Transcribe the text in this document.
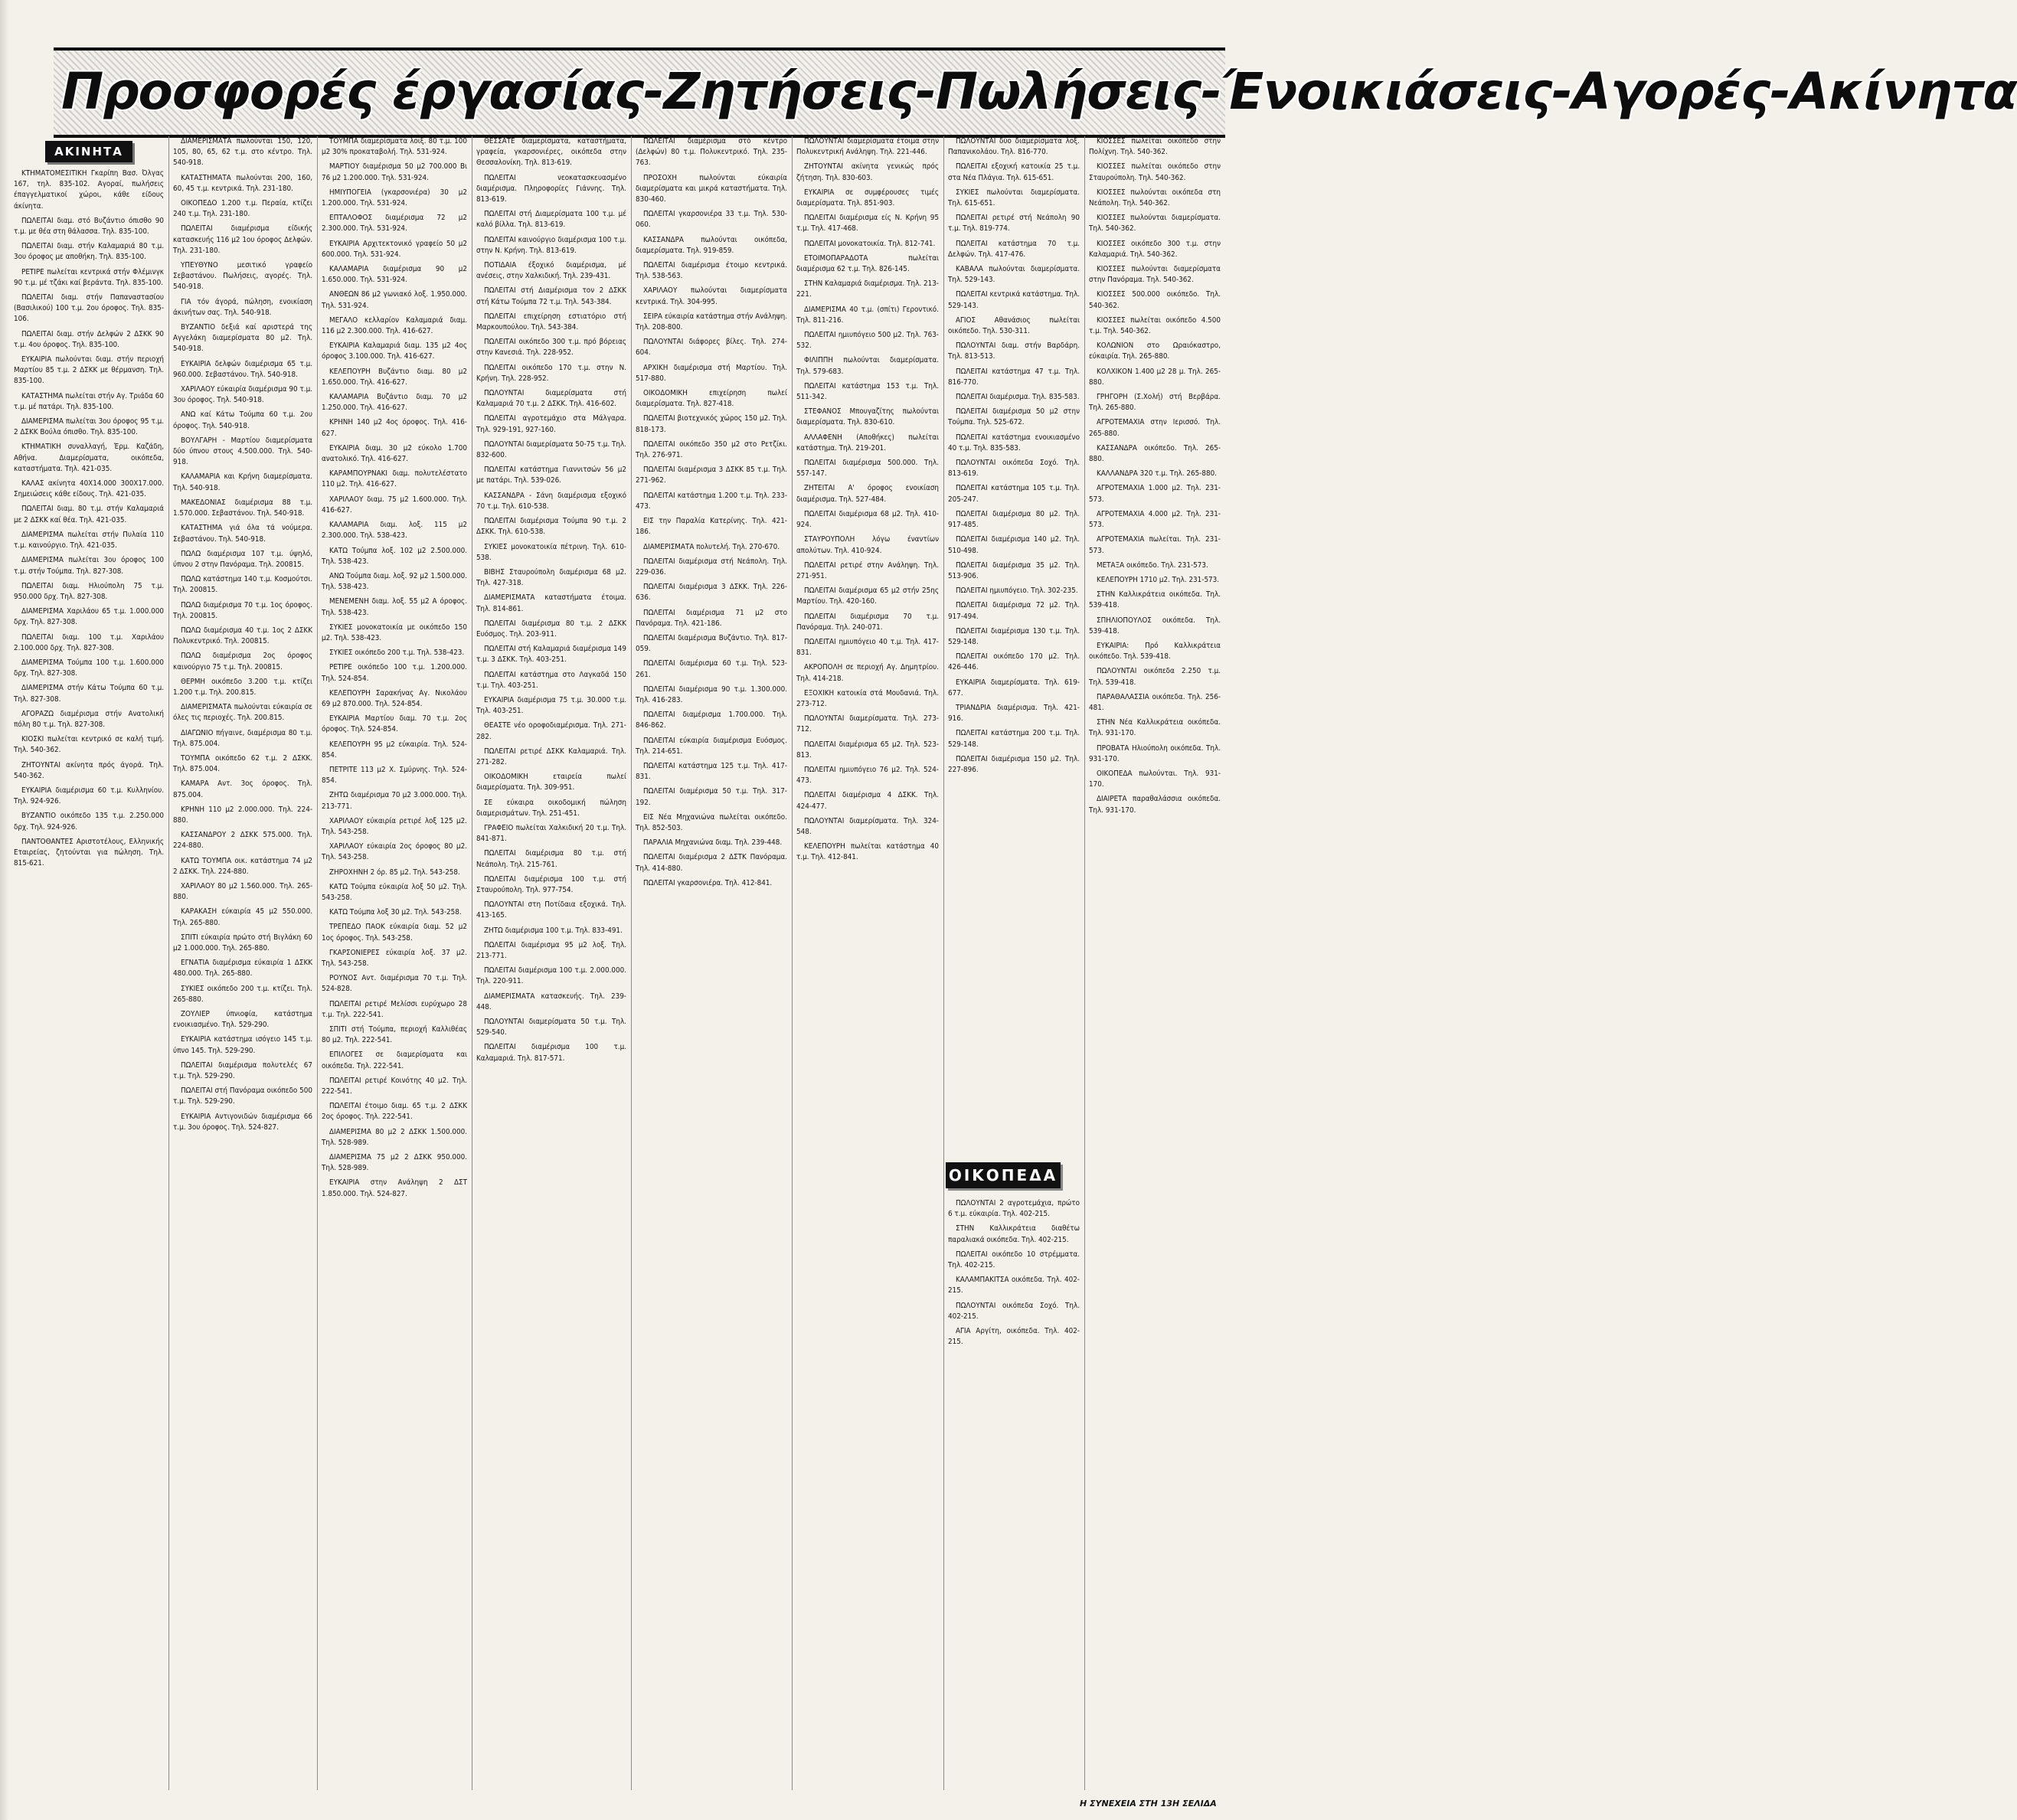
Προσφορές έργασίας-Ζητήσεις-Πωλήσεις-Ένοικιάσεις-Αγορές-Ακίνητα
ΑΚΙΝΗΤΑ

ΚΤΗΜΑΤΟΜΕΣΙΤΙΚΗ Γκαρίπη Βασ. Όλγας 167, τηλ. 835-102. Αγοραί, πωλήσεις έπαγγελματικοί χώροι, κάθε είδους άκίνητα.

ΠΩΛΕΙΤΑΙ διαμ. στό Βυζάντιο όπισθο 90 τ.μ. με θέα στη θάλασσα. Τηλ. 835-100.

ΠΩΛΕΙΤΑΙ διαμ. στήν Καλαμαριά 80 τ.μ. 3ου όροφος με αποθήκη. Τηλ. 835-100.

ΡΕΤΙΡΕ πωλείται κεντρικά στήν Φλέμινγκ 90 τ.μ. μέ τζάκι καί βεράντα. Τηλ. 835-100.

ΠΩΛΕΙΤΑΙ διαμ. στήν Παπαναστασίου (Βασιλικού) 100 τ.μ. 2ου όροφος. Τηλ. 835-106.

ΠΩΛΕΙΤΑΙ διαμ. στήν Δελφών 2 ΔΣΚΚ 90 τ.μ. 4ου όροφος. Τηλ. 835-100.

ΕΥΚΑΙΡΙΑ πωλούνται διαμ. στήν περιοχή Μαρτίου 85 τ.μ. 2 ΔΣΚΚ με θέρμανση. Τηλ. 835-100.

ΚΑΤΑΣΤΗΜΑ πωλείται στήν Αγ. Τριάδα 60 τ.μ. μέ πατάρι. Τηλ. 835-100.

ΔΙΑΜΕΡΙΣΜΑ πωλείται 3ου όροφος 95 τ.μ. 2 ΔΣΚΚ Βούλα όπισθο. Τηλ. 835-100.

ΚΤΗΜΑΤΙΚΗ συναλλαγή, Έρμ. Καζάδη, Αθήνα. Διαμερίσματα, οικόπεδα, καταστήματα. Τηλ. 421-035.

ΚΑΛΑΣ ακίνητα 40Χ14.000 300Χ17.000. Σημειώσεις κάθε είδους. Τηλ. 421-035.

ΠΩΛΕΙΤΑΙ διαμ. 80 τ.μ. στήν Καλαμαριά με 2 ΔΣΚΚ καί θέα. Τηλ. 421-035.

ΔΙΑΜΕΡΙΣΜΑ πωλείται στήν Πυλαία 110 τ.μ. καινούργιο. Τηλ. 421-035.

ΔΙΑΜΕΡΙΣΜΑ πωλείται 3ου όροφος 100 τ.μ. στήν Τούμπα. Τηλ. 827-308.

ΠΩΛΕΙΤΑΙ διαμ. Ηλιούπολη 75 τ.μ. 950.000 δρχ. Τηλ. 827-308.

ΔΙΑΜΕΡΙΣΜΑ Χαριλάου 65 τ.μ. 1.000.000 δρχ. Τηλ. 827-308.

ΠΩΛΕΙΤΑΙ διαμ. 100 τ.μ. Χαριλάου 2.100.000 δρχ. Τηλ. 827-308.

ΔΙΑΜΕΡΙΣΜΑ Τούμπα 100 τ.μ. 1.600.000 δρχ. Τηλ. 827-308.

ΔΙΑΜΕΡΙΣΜΑ στήν Κάτω Τούμπα 60 τ.μ. Τηλ. 827-308.

ΑΓΟΡΑΖΩ διαμέρισμα στήν Ανατολική πόλη 80 τ.μ. Τηλ. 827-308.

ΚΙΟΣΚΙ πωλείται κεντρικό σε καλή τιμή. Τηλ. 540-362.

ΖΗΤΟΥΝΤΑΙ ακίνητα πρός άγορά. Τηλ. 540-362.

ΕΥΚΑΙΡΙΑ διαμέρισμα 60 τ.μ. Κυλληνίου. Τηλ. 924-926.

ΒΥΖΑΝΤΙΟ οικόπεδο 135 τ.μ. 2.250.000 δρχ. Τηλ. 924-926.

ΠΑΝΤΟΘΑΝΤΕΣ Αριστοτέλους, Ελληνικής Εταιρείας, ζητούνται για πώληση. Τηλ. 815-621.

ΔΙΑΜΕΡΙΣΜΑΤΑ πωλούνται 150, 120, 105, 80, 65, 62 τ.μ. στο κέντρο. Τηλ. 540-918.

ΚΑΤΑΣΤΗΜΑΤΑ πωλούνται 200, 160, 60, 45 τ.μ. κεντρικά. Τηλ. 231-180.

ΟΙΚΟΠΕΔΟ 1.200 τ.μ. Περαία, κτίζει 240 τ.μ. Τηλ. 231-180.

ΠΩΛΕΙΤΑΙ διαμέρισμα είδικής κατασκευής 116 μ2 1ου όροφος Δελφών. Τηλ. 231-180.

ΥΠΕΥΘΥΝΟ μεσιτικό γραφείο Σεβαστάνου. Πωλήσεις, αγορές. Τηλ. 540-918.

ΓΙΑ τόν άγορά, πώληση, ενοικίαση άκινήτων σας. Τηλ. 540-918.

ΒΥΖΑΝΤΙΟ δεξιά καί αριστερά της Αγγελάκη διαμερίσματα 80 μ2. Τηλ. 540-918.

ΕΥΚΑΙΡΙΑ δελφών διαμέρισμα 65 τ.μ. 960.000. Σεβαστάνου. Τηλ. 540-918.

ΧΑΡΙΛΑΟΥ εύκαιρία διαμέρισμα 90 τ.μ. 3ου όροφος. Τηλ. 540-918.

ΑΝΩ καί Κάτω Τούμπα 60 τ.μ. 2ου όροφος. Τηλ. 540-918.

ΒΟΥΛΓΑΡΗ - Μαρτίου διαμερίσματα δύο ύπνου στους 4.500.000. Τηλ. 540-918.

ΚΑΛΑΜΑΡΙΑ και Κρήνη διαμερίσματα. Τηλ. 540-918.

ΜΑΚΕΔΟΝΙΑΣ διαμέρισμα 88 τ.μ. 1.570.000. Σεβαστάνου. Τηλ. 540-918.

ΚΑΤΑΣΤΗΜΑ γιά όλα τά νούμερα. Σεβαστάνου. Τηλ. 540-918.

ΠΩΛΩ διαμέρισμα 107 τ.μ. ύψηλό, ύπνου 2 στην Πανόραμα. Τηλ. 200815.

ΠΩΛΩ κατάστημα 140 τ.μ. Κοσμούτσι. Τηλ. 200815.

ΠΩΛΩ διαμέρισμα 70 τ.μ. 1ος όροφος. Τηλ. 200815.

ΠΩΛΩ διαμέρισμα 40 τ.μ. 1ος 2 ΔΣΚΚ Πολυκεντρικό. Τηλ. 200815.

ΠΩΛΩ διαμέρισμα 2ος όροφος καινούργιο 75 τ.μ. Τηλ. 200815.

ΘΕΡΜΗ οικόπεδο 3.200 τ.μ. κτίζει 1.200 τ.μ. Τηλ. 200.815.

ΔΙΑΜΕΡΙΣΜΑΤΑ πωλούνται εύκαιρία σε όλες τις περιοχές. Τηλ. 200.815.

ΔΙΑΓΩΝΙΟ πήγαινε, διαμέρισμα 80 τ.μ. Τηλ. 875.004.

ΤΟΥΜΠΑ οικόπεδο 62 τ.μ. 2 ΔΣΚΚ. Τηλ. 875.004.

ΚΑΜΑΡΑ Αντ. 3ος όροφος. Τηλ. 875.004.

ΚΡΗΝΗ 110 μ2 2.000.000. Τηλ. 224-880.

ΚΑΣΣΑΝΔΡΟΥ 2 ΔΣΚΚ 575.000. Τηλ. 224-880.

ΚΑΤΩ ΤΟΥΜΠΑ οικ. κατάστημα 74 μ2 2 ΔΣΚΚ. Τηλ. 224-880.

ΧΑΡΙΛΑΟΥ 80 μ2 1.560.000. Τηλ. 265-880.

ΚΑΡΑΚΑΣΗ εύκαιρία 45 μ2 550.000. Τηλ. 265-880.

ΣΠΙΤΙ εύκαιρία πρώτο στή Βιγλάκη 60 μ2 1.000.000. Τηλ. 265-880.

ΕΓΝΑΤΙΑ διαμέρισμα εύκαιρία 1 ΔΣΚΚ 480.000. Τηλ. 265-880.

ΣΥΚΙΕΣ οικόπεδο 200 τ.μ. κτίζει. Τηλ. 265-880.

ΖΟΥΛΙΕΡ ύπνιοφία, κατάστημα ενοικιασμένο. Τηλ. 529-290.

ΕΥΚΑΙΡΙΑ κατάστημα ισόγειο 145 τ.μ. ύπνο 145. Τηλ. 529-290.

ΠΩΛΕΙΤΑΙ διαμέρισμα πολυτελές 67 τ.μ. Τηλ. 529-290.

ΠΩΛΕΙΤΑΙ στή Πανόραμα οικόπεδο 500 τ.μ. Τηλ. 529-290.

ΕΥΚΑΙΡΙΑ Αντιγονιδών διαμέρισμα 66 τ.μ. 3ου όροφος. Τηλ. 524-827.

ΤΟΥΜΠΑ διαμερίσματα λοιξ. 80 τ.μ. 100 μ2 30% προκαταβολή. Τηλ. 531-924.

ΜΑΡΤΙΟΥ διαμέρισμα 50 μ2 700.000 Βι 76 μ2 1.200.000. Τηλ. 531-924.

ΗΜΙΥΠΟΓΕΙΑ (γκαρσονιέρα) 30 μ2 1.200.000. Τηλ. 531-924.

ΕΠΤΑΛΟΦΟΣ διαμέρισμα 72 μ2 2.300.000. Τηλ. 531-924.

ΕΥΚΑΙΡΙΑ Αρχιτεκτονικό γραφείο 50 μ2 600.000. Τηλ. 531-924.

ΚΑΛΑΜΑΡΙΑ διαμέρισμα 90 μ2 1.650.000. Τηλ. 531-924.

ΑΝΘΕΩΝ 86 μ2 γωνιακό λοξ. 1.950.000. Τηλ. 531-924.

ΜΕΓΑΛΟ κελλαρίον Καλαμαριά διαμ. 116 μ2 2.300.000. Τηλ. 416-627.

ΕΥΚΑΙΡΙΑ Καλαμαριά διαμ. 135 μ2 4ος όροφος 3.100.000. Τηλ. 416-627.

ΚΕΛΕΠΟΥΡΗ Βυζάντιο διαμ. 80 μ2 1.650.000. Τηλ. 416-627.

ΚΑΛΑΜΑΡΙΑ Βυζάντιο διαμ. 70 μ2 1.250.000. Τηλ. 416-627.

ΚΡΗΝΗ 140 μ2 4ος όροφος. Τηλ. 416-627.

ΕΥΚΑΙΡΙΑ διαμ. 30 μ2 εύκολο 1.700 ανατολικό. Τηλ. 416-627.

ΚΑΡΑΜΠΟΥΡΝΑΚΙ διαμ. πολυτελέστατο 110 μ2. Τηλ. 416-627.

ΧΑΡΙΛΑΟΥ διαμ. 75 μ2 1.600.000. Τηλ. 416-627.

ΚΑΛΑΜΑΡΙΑ διαμ. λοξ. 115 μ2 2.300.000. Τηλ. 538-423.

ΚΑΤΩ Τούμπα λοξ. 102 μ2 2.500.000. Τηλ. 538-423.

ΑΝΩ Τούμπα διαμ. λοξ. 92 μ2 1.500.000. Τηλ. 538-423.

ΜΕΝΕΜΕΝΗ διαμ. λοξ. 55 μ2 Α όροφος. Τηλ. 538-423.

ΣΥΚΙΕΣ μονοκατοικία με οικόπεδο 150 μ2. Τηλ. 538-423.

ΣΥΚΙΕΣ οικόπεδο 200 τ.μ. Τηλ. 538-423.

ΡΕΤΙΡΕ οικόπεδο 100 τ.μ. 1.200.000. Τηλ. 524-854.

ΚΕΛΕΠΟΥΡΗ Σαρακήνας Αγ. Νικολάου 69 μ2 870.000. Τηλ. 524-854.

ΕΥΚΑΙΡΙΑ Μαρτίου διαμ. 70 τ.μ. 2ος όροφος. Τηλ. 524-854.

ΚΕΛΕΠΟΥΡΗ 95 μ2 εύκαιρία. Τηλ. 524-854.

ΠΕΤΡΙΤΕ 113 μ2 Χ. Σμύρνης. Τηλ. 524-854.

ΖΗΤΩ διαμέρισμα 70 μ2 3.000.000. Τηλ. 213-771.

ΧΑΡΙΛΑΟΥ εύκαιρία ρετιρέ λοξ 125 μ2. Τηλ. 543-258.

ΧΑΡΙΛΑΟΥ εύκαιρία 2ος όροφος 80 μ2. Τηλ. 543-258.

ΖΗΡΟΧΗΝΗ 2 όρ. 85 μ2. Τηλ. 543-258.

ΚΑΤΩ Τούμπα εύκαιρία λοξ 50 μ2. Τηλ. 543-258.

ΚΑΤΩ Τούμπα λοξ 30 μ2. Τηλ. 543-258.

ΤΡΕΠΕΔΟ ΠΑΟΚ εύκαιρία διαμ. 52 μ2 1ος όροφος. Τηλ. 543-258.

ΓΚΑΡΣΟΝΙΕΡΕΣ εύκαιρία λοξ. 37 μ2. Τηλ. 543-258.

ΡΟΥΝΟΣ Αντ. διαμέρισμα 70 τ.μ. Τηλ. 524-828.

ΠΩΛΕΙΤΑΙ ρετιρέ Μελίσσι ευρύχωρο 28 τ.μ. Τηλ. 222-541.

ΣΠΙΤΙ στή Τούμπα, περιοχή Καλλιθέας 80 μ2. Τηλ. 222-541.

ΕΠΙΛΟΓΕΣ σε διαμερίσματα και οικόπεδα. Τηλ. 222-541.

ΠΩΛΕΙΤΑΙ ρετιρέ Κοινότης 40 μ2. Τηλ. 222-541.

ΠΩΛΕΙΤΑΙ έτοιμο διαμ. 65 τ.μ. 2 ΔΣΚΚ 2ος όροφος. Τηλ. 222-541.

ΔΙΑΜΕΡΙΣΜΑ 80 μ2 2 ΔΣΚΚ 1.500.000. Τηλ. 528-989.

ΔΙΑΜΕΡΙΣΜΑ 75 μ2 2 ΔΣΚΚ 950.000. Τηλ. 528-989.

ΕΥΚΑΙΡΙΑ στην Ανάληψη 2 ΔΣΤ 1.850.000. Τηλ. 524-827.

ΘΕΣΣΑΤΕ διαμερίσματα, καταστήματα, γραφεία, γκαρσονιέρες, οικόπεδα στην Θεσσαλονίκη. Τηλ. 813-619.

ΠΩΛΕΙΤΑΙ νεοκατασκευασμένο διαμέρισμα. Πληροφορίες Γιάννης. Τηλ. 813-619.

ΠΩΛΕΙΤΑΙ στή Διαμερίσματα 100 τ.μ. μέ καλό βίλλα. Τηλ. 813-619.

ΠΩΛΕΙΤΑΙ καινούργιο διαμέρισμα 100 τ.μ. στην Ν. Κρήνη. Τηλ. 813-619.

ΠΟΤΙΔΑΙΑ έξοχικό διαμέρισμα, μέ ανέσεις, στην Χαλκιδική. Τηλ. 239-431.

ΠΩΛΕΙΤΑΙ στή Διαμέρισμα τον 2 ΔΣΚΚ στή Κάτω Τούμπα 72 τ.μ. Τηλ. 543-384.

ΠΩΛΕΙΤΑΙ επιχείρηση εστιατόριο στή Μαρκουπούλου. Τηλ. 543-384.

ΠΩΛΕΙΤΑΙ οικόπεδο 300 τ.μ. πρό βόρειας στην Κανεσιά. Τηλ. 228-952.

ΠΩΛΕΙΤΑΙ οικόπεδο 170 τ.μ. στην Ν. Κρήνη. Τηλ. 228-952.

ΠΩΛΟΥΝΤΑΙ διαμερίσματα στή Καλαμαριά 70 τ.μ. 2 ΔΣΚΚ. Τηλ. 416-602.

ΠΩΛΕΙΤΑΙ αγροτεμάχιο στα Μάλγαρα. Τηλ. 929-191, 927-160.

ΠΩΛΟΥΝΤΑΙ διαμερίσματα 50-75 τ.μ. Τηλ. 832-600.

ΠΩΛΕΙΤΑΙ κατάστημα Γιαννιτσών 56 μ2 με πατάρι. Τηλ. 539-026.

ΚΑΣΣΑΝΔΡΑ - Σάνη διαμέρισμα εξοχικό 70 τ.μ. Τηλ. 610-538.

ΠΩΛΕΙΤΑΙ διαμέρισμα Τούμπα 90 τ.μ. 2 ΔΣΚΚ. Τηλ. 610-538.

ΣΥΚΙΕΣ μονοκατοικία πέτρινη. Τηλ. 610-538.

ΒΙΒΗΣ Σταυρούπολη διαμέρισμα 68 μ2. Τηλ. 427-318.

ΔΙΑΜΕΡΙΣΜΑΤΑ καταστήματα έτοιμα. Τηλ. 814-861.

ΠΩΛΕΙΤΑΙ διαμέρισμα 80 τ.μ. 2 ΔΣΚΚ Ευόσμος. Τηλ. 203-911.

ΠΩΛΕΙΤΑΙ στή Καλαμαριά διαμέρισμα 149 τ.μ. 3 ΔΣΚΚ. Τηλ. 403-251.

ΠΩΛΕΙΤΑΙ κατάστημα στο Λαγκαδά 150 τ.μ. Τηλ. 403-251.

ΕΥΚΑΙΡΙΑ διαμέρισμα 75 τ.μ. 30.000 τ.μ. Τηλ. 403-251.

ΘΕΑΣΤΕ νέο οροφοδιαμέρισμα. Τηλ. 271-282.

ΠΩΛΕΙΤΑΙ ρετιρέ ΔΣΚΚ Καλαμαριά. Τηλ. 271-282.

ΟΙΚΟΔΟΜΙΚΗ εταιρεία πωλεί διαμερίσματα. Τηλ. 309-951.

ΣΕ εύκαιρα οικοδομική πώληση διαμερισμάτων. Τηλ. 251-451.

ΓΡΑΦΕΙΟ πωλείται Χαλκιδική 20 τ.μ. Τηλ. 841-871.

ΠΩΛΕΙΤΑΙ διαμέρισμα 80 τ.μ. στή Νεάπολη. Τηλ. 215-761.

ΠΩΛΕΙΤΑΙ διαμέρισμα 100 τ.μ. στή Σταυρούπολη. Τηλ. 977-754.

ΠΩΛΟΥΝΤΑΙ στη Ποτίδαια εξοχικά. Τηλ. 413-165.

ΖΗΤΩ διαμέρισμα 100 τ.μ. Τηλ. 833-491.

ΠΩΛΕΙΤΑΙ διαμέρισμα 95 μ2 λοξ. Τηλ. 213-771.

ΠΩΛΕΙΤΑΙ διαμέρισμα 100 τ.μ. 2.000.000. Τηλ. 220-911.

ΔΙΑΜΕΡΙΣΜΑΤΑ κατασκευής. Τηλ. 239-448.

ΠΩΛΟΥΝΤΑΙ διαμερίσματα 50 τ.μ. Τηλ. 529-540.

ΠΩΛΕΙΤΑΙ διαμέρισμα 100 τ.μ. Καλαμαριά. Τηλ. 817-571.

ΠΩΛΕΙΤΑΙ διαμέρισμα στό κέντρο (Δελφών) 80 τ.μ. Πολυκεντρικό. Τηλ. 235-763.

ΠΡΟΣΟΧΗ πωλούνται εύκαιρία διαμερίσματα και μικρά καταστήματα. Τηλ. 830-460.

ΠΩΛΕΙΤΑΙ γκαρσονιέρα 33 τ.μ. Τηλ. 530-060.

ΚΑΣΣΑΝΔΡΑ πωλούνται οικόπεδα, διαμερίσματα. Τηλ. 919-859.

ΠΩΛΕΙΤΑΙ διαμέρισμα έτοιμο κεντρικά. Τηλ. 538-563.

ΧΑΡΙΛΑΟΥ πωλούνται διαμερίσματα κεντρικά. Τηλ. 304-995.

ΣΕΙΡΑ εύκαιρία κατάστημα στήν Ανάληψη. Τηλ. 208-800.

ΠΩΛΟΥΝΤΑΙ διάφορες βίλες. Τηλ. 274-604.

ΑΡΧΙΚΗ διαμέρισμα στή Μαρτίου. Τηλ. 517-880.

ΟΙΚΟΔΟΜΙΚΗ επιχείρηση πωλεί διαμερίσματα. Τηλ. 827-418.

ΠΩΛΕΙΤΑΙ βιοτεχνικός χώρος 150 μ2. Τηλ. 818-173.

ΠΩΛΕΙΤΑΙ οικόπεδο 350 μ2 στο Ρετζίκι. Τηλ. 276-971.

ΠΩΛΕΙΤΑΙ διαμέρισμα 3 ΔΣΚΚ 85 τ.μ. Τηλ. 271-962.

ΠΩΛΕΙΤΑΙ κατάστημα 1.200 τ.μ. Τηλ. 233-473.

ΕΙΣ την Παραλία Κατερίνης. Τηλ. 421-186.

ΔΙΑΜΕΡΙΣΜΑΤΑ πολυτελή. Τηλ. 270-670.

ΠΩΛΕΙΤΑΙ διαμέρισμα στή Νεάπολη. Τηλ. 229-036.

ΠΩΛΕΙΤΑΙ διαμέρισμα 3 ΔΣΚΚ. Τηλ. 226-636.

ΠΩΛΕΙΤΑΙ διαμέρισμα 71 μ2 στο Πανόραμα. Τηλ. 421-186.

ΠΩΛΕΙΤΑΙ διαμέρισμα Βυζάντιο. Τηλ. 817-059.

ΠΩΛΕΙΤΑΙ διαμέρισμα 60 τ.μ. Τηλ. 523-261.

ΠΩΛΕΙΤΑΙ διαμέρισμα 90 τ.μ. 1.300.000. Τηλ. 416-283.

ΠΩΛΕΙΤΑΙ διαμέρισμα 1.700.000. Τηλ. 846-862.

ΠΩΛΕΙΤΑΙ εύκαιρία διαμέρισμα Ευόσμος. Τηλ. 214-651.

ΠΩΛΕΙΤΑΙ κατάστημα 125 τ.μ. Τηλ. 417-831.

ΠΩΛΕΙΤΑΙ διαμέρισμα 50 τ.μ. Τηλ. 317-192.

ΕΙΣ Νέα Μηχανιώνα πωλείται οικόπεδο. Τηλ. 852-503.

ΠΑΡΑΛΙΑ Μηχανιώνα διαμ. Τηλ. 239-448.

ΠΩΛΕΙΤΑΙ διαμέρισμα 2 ΔΣΤΚ Πανόραμα. Τηλ. 414-880.

ΠΩΛΕΙΤΑΙ γκαρσονιέρα. Τηλ. 412-841.

ΠΩΛΟΥΝΤΑΙ διαμερίσματα έτοιμα στην Πολυκεντρική Ανάληψη. Τηλ. 221-446.

ΖΗΤΟΥΝΤΑΙ ακίνητα γενικώς πρός ζήτηση. Τηλ. 830-603.

ΕΥΚΑΙΡΙΑ σε συμφέρουσες τιμές διαμερίσματα. Τηλ. 851-903.

ΠΩΛΕΙΤΑΙ διαμέρισμα είς Ν. Κρήνη 95 τ.μ. Τηλ. 417-468.

ΠΩΛΕΙΤΑΙ μονοκατοικία. Τηλ. 812-741.

ΕΤΟΙΜΟΠΑΡΑΔΟΤΑ πωλείται διαμέρισμα 62 τ.μ. Τηλ. 826-145.

ΣΤΗΝ Καλαμαριά διαμέρισμα. Τηλ. 213-221.

ΔΙΑΜΕΡΙΣΜΑ 40 τ.μ. (σπίτι) Γεροντικό. Τηλ. 811-216.

ΠΩΛΕΙΤΑΙ ημιυπόγειο 500 μ2. Τηλ. 763-532.

ΦΙΛΙΠΠΗ πωλούνται διαμερίσματα. Τηλ. 579-683.

ΠΩΛΕΙΤΑΙ κατάστημα 153 τ.μ. Τηλ. 511-342.

ΣΤΕΦΑΝΟΣ Μπουγαζίτης πωλούνται διαμερίσματα. Τηλ. 830-610.

ΑΛΛΑΦΕΝΗ (Αποθήκες) πωλείται κατάστημα. Τηλ. 219-201.

ΠΩΛΕΙΤΑΙ διαμέρισμα 500.000. Τηλ. 557-147.

ΖΗΤΕΙΤΑΙ Α' όροφος ενοικίαση διαμέρισμα. Τηλ. 527-484.

ΠΩΛΕΙΤΑΙ διαμέρισμα 68 μ2. Τηλ. 410-924.

ΣΤΑΥΡΟΥΠΟΛΗ λόγω έναντίων απολύτων. Τηλ. 410-924.

ΠΩΛΕΙΤΑΙ ρετιρέ στην Ανάληψη. Τηλ. 271-951.

ΠΩΛΕΙΤΑΙ διαμέρισμα 65 μ2 στήν 25ης Μαρτίου. Τηλ. 420-160.

ΠΩΛΕΙΤΑΙ διαμέρισμα 70 τ.μ. Πανόραμα. Τηλ. 240-071.

ΠΩΛΕΙΤΑΙ ημιυπόγειο 40 τ.μ. Τηλ. 417-831.

ΑΚΡΟΠΟΛΗ σε περιοχή Αγ. Δημητρίου. Τηλ. 414-218.

ΕΞΟΧΙΚΗ κατοικία στά Μουδανιά. Τηλ. 273-712.

ΠΩΛΟΥΝΤΑΙ διαμερίσματα. Τηλ. 273-712.

ΠΩΛΕΙΤΑΙ διαμέρισμα 65 μ2. Τηλ. 523-813.

ΠΩΛΕΙΤΑΙ ημιυπόγειο 76 μ2. Τηλ. 524-473.

ΠΩΛΕΙΤΑΙ διαμέρισμα 4 ΔΣΚΚ. Τηλ. 424-477.

ΠΩΛΟΥΝΤΑΙ διαμερίσματα. Τηλ. 324-548.

ΚΕΛΕΠΟΥΡΗ πωλείται κατάστημα 40 τ.μ. Τηλ. 412-841.

ΠΩΛΟΥΝΤΑΙ δύο διαμερίσματα λοξ. Παπανικολάου. Τηλ. 816-770.

ΠΩΛΕΙΤΑΙ εξοχική κατοικία 25 τ.μ. στα Νέα Πλάγια. Τηλ. 615-651.

ΣΥΚΙΕΣ πωλούνται διαμερίσματα. Τηλ. 615-651.

ΠΩΛΕΙΤΑΙ ρετιρέ στή Νεάπολη 90 τ.μ. Τηλ. 819-774.

ΠΩΛΕΙΤΑΙ κατάστημα 70 τ.μ. Δελφών. Τηλ. 417-476.

ΚΑΒΑΛΑ πωλούνται διαμερίσματα. Τηλ. 529-143.

ΠΩΛΕΙΤΑΙ κεντρικά κατάστημα. Τηλ. 529-143.

ΑΓΙΟΣ Αθανάσιος πωλείται οικόπεδο. Τηλ. 530-311.

ΠΩΛΟΥΝΤΑΙ διαμ. στήν Βαρδάρη. Τηλ. 813-513.

ΠΩΛΕΙΤΑΙ κατάστημα 47 τ.μ. Τηλ. 816-770.

ΠΩΛΕΙΤΑΙ διαμέρισμα. Τηλ. 835-583.

ΠΩΛΕΙΤΑΙ διαμέρισμα 50 μ2 στην Τούμπα. Τηλ. 525-672.

ΠΩΛΕΙΤΑΙ κατάστημα ενοικιασμένο 40 τ.μ. Τηλ. 835-583.

ΠΩΛΟΥΝΤΑΙ οικόπεδα Σοχό. Τηλ. 813-619.

ΠΩΛΕΙΤΑΙ κατάστημα 105 τ.μ. Τηλ. 205-247.

ΠΩΛΕΙΤΑΙ διαμέρισμα 80 μ2. Τηλ. 917-485.

ΠΩΛΕΙΤΑΙ διαμέρισμα 140 μ2. Τηλ. 510-498.

ΠΩΛΕΙΤΑΙ διαμέρισμα 35 μ2. Τηλ. 513-906.

ΠΩΛΕΙΤΑΙ ημιυπόγειο. Τηλ. 302-235.

ΠΩΛΕΙΤΑΙ διαμέρισμα 72 μ2. Τηλ. 917-494.

ΠΩΛΕΙΤΑΙ διαμέρισμα 130 τ.μ. Τηλ. 529-148.

ΠΩΛΕΙΤΑΙ οικόπεδο 170 μ2. Τηλ. 426-446.

ΕΥΚΑΙΡΙΑ διαμερίσματα. Τηλ. 619-677.

ΤΡΙΑΝΔΡΙΑ διαμέρισμα. Τηλ. 421-916.

ΠΩΛΕΙΤΑΙ κατάστημα 200 τ.μ. Τηλ. 529-148.

ΠΩΛΕΙΤΑΙ διαμέρισμα 150 μ2. Τηλ. 227-896.

ΟΙΚΟΠΕΔΑ

ΠΩΛΟΥΝΤΑΙ 2 αγροτεμάχια, πρώτο 6 τ.μ. εύκαιρία. Τηλ. 402-215.

ΣΤΗΝ Καλλικράτεια διαθέτω παραλιακά οικόπεδα. Τηλ. 402-215.

ΠΩΛΕΙΤΑΙ οικόπεδο 10 στρέμματα. Τηλ. 402-215.

ΚΑΛΑΜΠΑΚΙΤΣΑ οικόπεδα. Τηλ. 402-215.

ΠΩΛΟΥΝΤΑΙ οικόπεδα Σοχό. Τηλ. 402-215.

ΑΓΙΑ Αργίτη, οικόπεδα. Τηλ. 402-215.

ΚΙΟΣΣΕΣ πωλείται οικόπεδο στην Πολίχνη. Τηλ. 540-362.

ΚΙΟΣΣΕΣ πωλείται οικόπεδο στην Σταυρούπολη. Τηλ. 540-362.

ΚΙΟΣΣΕΣ πωλούνται οικόπεδα στη Νεάπολη. Τηλ. 540-362.

ΚΙΟΣΣΕΣ πωλούνται διαμερίσματα. Τηλ. 540-362.

ΚΙΟΣΣΕΣ οικόπεδο 300 τ.μ. στην Καλαμαριά. Τηλ. 540-362.

ΚΙΟΣΣΕΣ πωλούνται διαμερίσματα στην Πανόραμα. Τηλ. 540-362.

ΚΙΟΣΣΕΣ 500.000 οικόπεδο. Τηλ. 540-362.

ΚΙΟΣΣΕΣ πωλείται οικόπεδο 4.500 τ.μ. Τηλ. 540-362.

ΚΟΛΩΝΙΟΝ στο Ωραιόκαστρο, εύκαιρία. Τηλ. 265-880.

ΚΟΛΧΙΚΟΝ 1.400 μ2 28 μ. Τηλ. 265-880.

ΓΡΗΓΟΡΗ (Σ.Χολή) στή Βερβάρα. Τηλ. 265-880.

ΑΓΡΟΤΕΜΑΧΙΑ στην Ιερισσό. Τηλ. 265-880.

ΚΑΣΣΑΝΔΡΑ οικόπεδο. Τηλ. 265-880.

ΚΑΛΛΑΝΔΡΑ 320 τ.μ. Τηλ. 265-880.

ΑΓΡΟΤΕΜΑΧΙΑ 1.000 μ2. Τηλ. 231-573.

ΑΓΡΟΤΕΜΑΧΙΑ 4.000 μ2. Τηλ. 231-573.

ΑΓΡΟΤΕΜΑΧΙΑ πωλείται. Τηλ. 231-573.

ΜΕΤΑΞΑ οικόπεδο. Τηλ. 231-573.

ΚΕΛΕΠΟΥΡΗ 1710 μ2. Τηλ. 231-573.

ΣΤΗΝ Καλλικράτεια οικόπεδα. Τηλ. 539-418.

ΣΠΗΛΙΟΠΟΥΛΟΣ οικόπεδα. Τηλ. 539-418.

ΕΥΚΑΙΡΙΑ: Πρό Καλλικράτεια οικόπεδο. Τηλ. 539-418.

ΠΩΛΟΥΝΤΑΙ οικόπεδα 2.250 τ.μ. Τηλ. 539-418.

ΠΑΡΑΘΑΛΑΣΣΙΑ οικόπεδα. Τηλ. 256-481.

ΣΤΗΝ Νέα Καλλικράτεια οικόπεδα. Τηλ. 931-170.

ΠΡΟΒΑΤΑ Ηλιούπολη οικόπεδα. Τηλ. 931-170.

ΟΙΚΟΠΕΔΑ πωλούνται. Τηλ. 931-170.

ΔΙΑΙΡΕΤΑ παραθαλάσσια οικόπεδα. Τηλ. 931-170.

Η ΣΥΝΕΧΕΙΑ ΣΤΗ 13Η ΣΕΛΙΔΑ
